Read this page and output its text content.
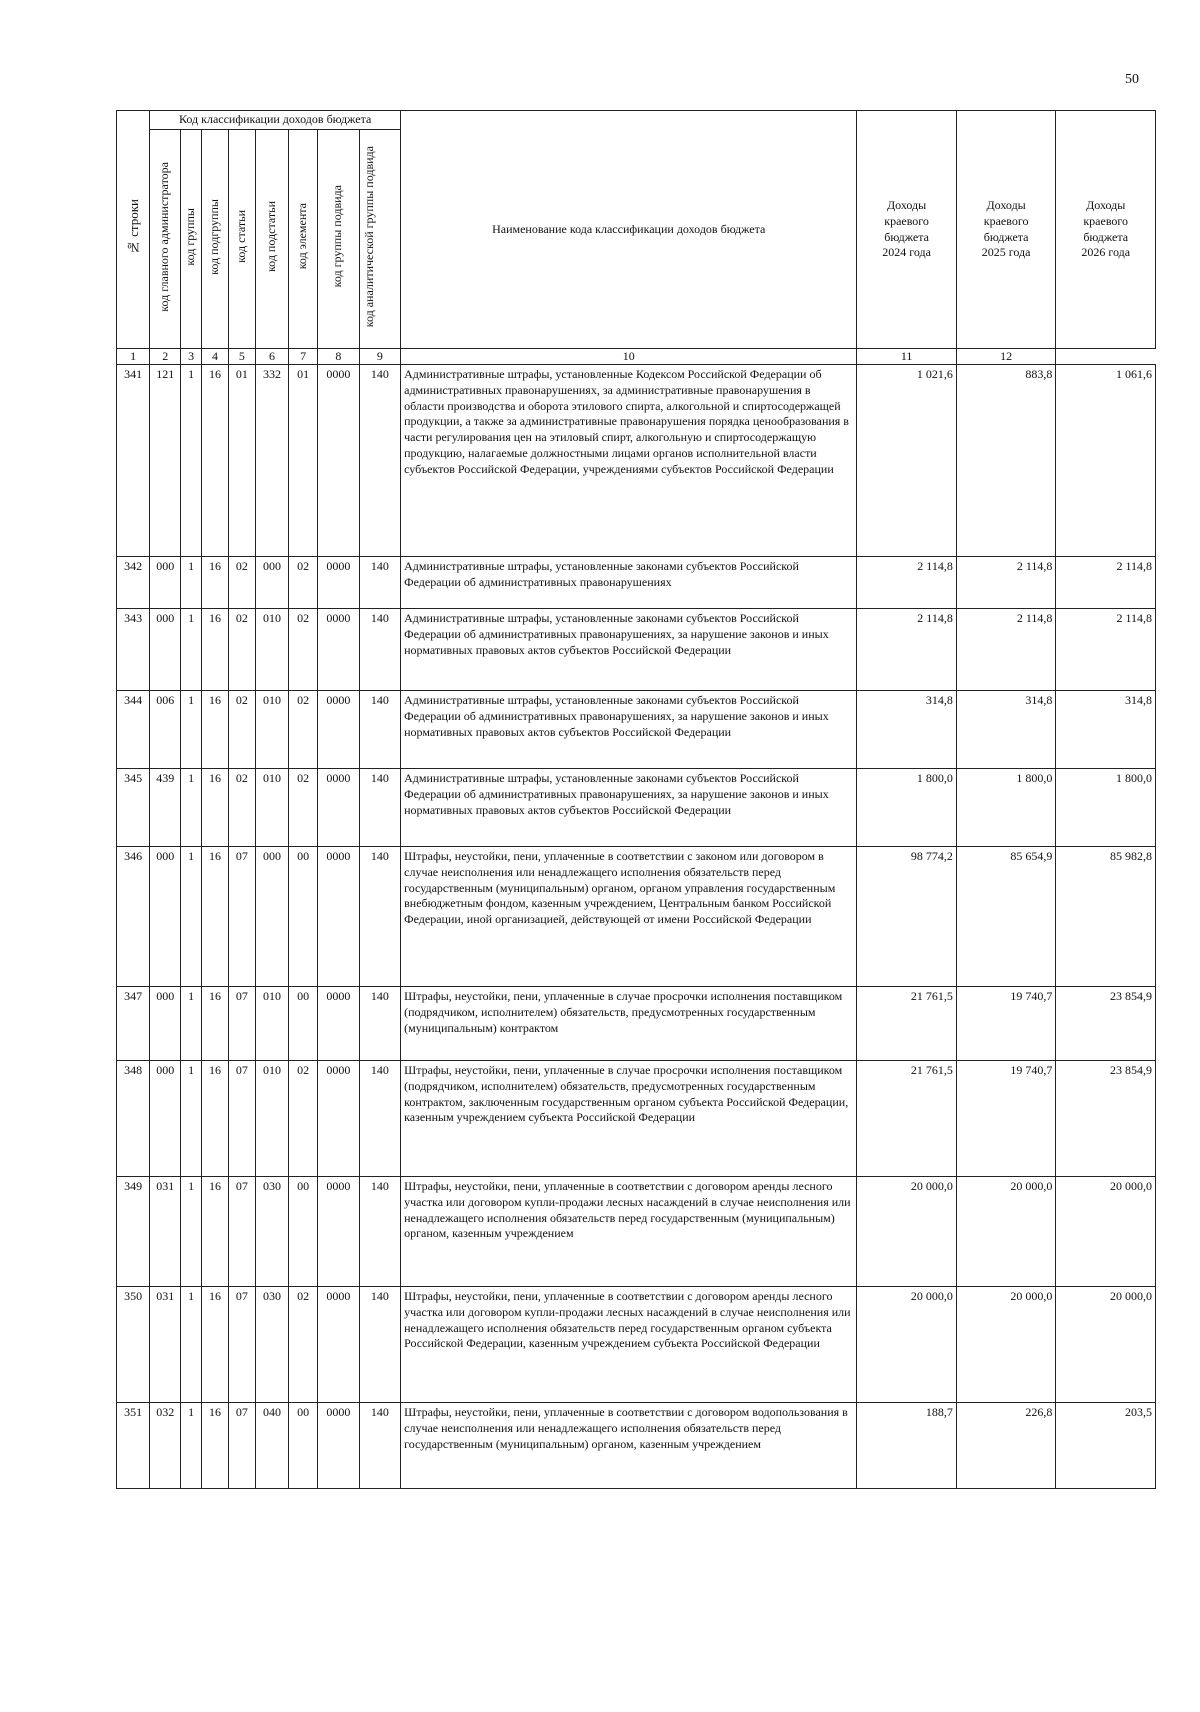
50
№ строки	Код классификации доходов бюджета								Наименование кода классификации доходов бюджета	Доходы
краевого
бюджета
2024 года	Доходы
краевого
бюджета
2025 года	Доходы
краевого
бюджета
2026 года

	код главного администратора	код группы	код подгруппы	код статьи	код подстатьи	код элемента	код группы подвида	код аналитической группы подвида				
1	2	3	4	5	6	7	8	9	10	11	12	
341	121	1	16	01	332	01	0000	140	Административные штрафы, установленные Кодексом Российской Федерации об административных правонарушениях, за административные правонарушения в области производства и оборота этилового спирта, алкогольной и спиртосодержащей продукции, а также за административные правонарушения порядка ценообразования в части регулирования цен на этиловый спирт, алкогольную и спиртосодержащую продукцию, налагаемые должностными лицами органов исполнительной власти субъектов Российской Федерации, учреждениями субъектов Российской Федерации	1 021,6	883,8	1 061,6
342	000	1	16	02	000	02	0000	140	Административные штрафы, установленные законами субъектов Российской Федерации об административных правонарушениях	2 114,8	2 114,8	2 114,8
343	000	1	16	02	010	02	0000	140	Административные штрафы, установленные законами субъектов Российской Федерации об административных правонарушениях, за нарушение законов и иных нормативных правовых актов субъектов Российской Федерации	2 114,8	2 114,8	2 114,8
344	006	1	16	02	010	02	0000	140	Административные штрафы, установленные законами субъектов Российской Федерации об административных правонарушениях, за нарушение законов и иных нормативных правовых актов субъектов Российской Федерации	314,8	314,8	314,8
345	439	1	16	02	010	02	0000	140	Административные штрафы, установленные законами субъектов Российской Федерации об административных правонарушениях, за нарушение законов и иных нормативных правовых актов субъектов Российской Федерации	1 800,0	1 800,0	1 800,0
346	000	1	16	07	000	00	0000	140	Штрафы, неустойки, пени, уплаченные в соответствии с законом или договором в случае неисполнения или ненадлежащего исполнения обязательств перед государственным (муниципальным) органом, органом управления государственным внебюджетным фондом, казенным учреждением, Центральным банком Российской Федерации, иной организацией, действующей от имени Российской Федерации	98 774,2	85 654,9	85 982,8
347	000	1	16	07	010	00	0000	140	Штрафы, неустойки, пени, уплаченные в случае просрочки исполнения поставщиком (подрядчиком, исполнителем) обязательств, предусмотренных государственным (муниципальным) контрактом	21 761,5	19 740,7	23 854,9
348	000	1	16	07	010	02	0000	140	Штрафы, неустойки, пени, уплаченные в случае просрочки исполнения поставщиком (подрядчиком, исполнителем) обязательств, предусмотренных государственным контрактом, заключенным государственным органом субъекта Российской Федерации, казенным учреждением субъекта Российской Федерации	21 761,5	19 740,7	23 854,9
349	031	1	16	07	030	00	0000	140	Штрафы, неустойки, пени, уплаченные в соответствии с договором аренды лесного участка или договором купли-продажи лесных насаждений в случае неисполнения или ненадлежащего исполнения обязательств перед государственным (муниципальным) органом, казенным учреждением	20 000,0	20 000,0	20 000,0
350	031	1	16	07	030	02	0000	140	Штрафы, неустойки, пени, уплаченные в соответствии с договором аренды лесного участка или договором купли-продажи лесных насаждений в случае неисполнения или ненадлежащего исполнения обязательств перед государственным органом субъекта Российской Федерации, казенным учреждением субъекта Российской Федерации	20 000,0	20 000,0	20 000,0
351	032	1	16	07	040	00	0000	140	Штрафы, неустойки, пени, уплаченные в соответствии с договором водопользования в случае неисполнения или ненадлежащего исполнения обязательств перед государственным (муниципальным) органом, казенным учреждением	188,7	226,8	203,5
